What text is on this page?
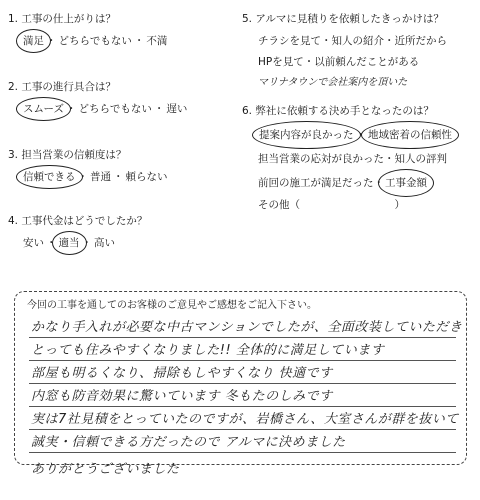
1. 工事の仕上がりは？
満足 ・ どちらでもない ・ 不満
2. 工事の進行具合は？
スムーズ ・ どちらでもない ・ 遅い
3. 担当営業の信頼度は？
信頼できる ・ 普通 ・ 頼らない
4. 工事代金はどうでしたか？
安い ・ 適当 ・ 高い
5. アルマに見積りを依頼したきっかけは？
チラシを見て・知人の紹介・近所だから
HPを見て・以前頼んだことがある
マリナタウンで会社案内を頂いた
6. 弊社に依頼する決め手となったのは？
提案内容が良かった ・ 地域密着の信頼性
担当営業の応対が良かった・知人の評判
前回の施工が満足だった・工事金額
その他（　　　　　　　　　）
今回の工事を通してのお客様のご意見やご感想をご記入下さい。
かなり手入れが必要な中古マンションでしたが、全面改装していただき
とっても住みやすくなりました!! 全体的に満足しています
部屋も明るくなり、掃除もしやすくなり 快適です
内窓も防音効果に驚いています 冬もたのしみです
実は7社見積をとっていたのですが、岩橋さん、大室さんが群を抜いて
誠実・信頼できる方だったので アルマに決めました
ありがとうございました
